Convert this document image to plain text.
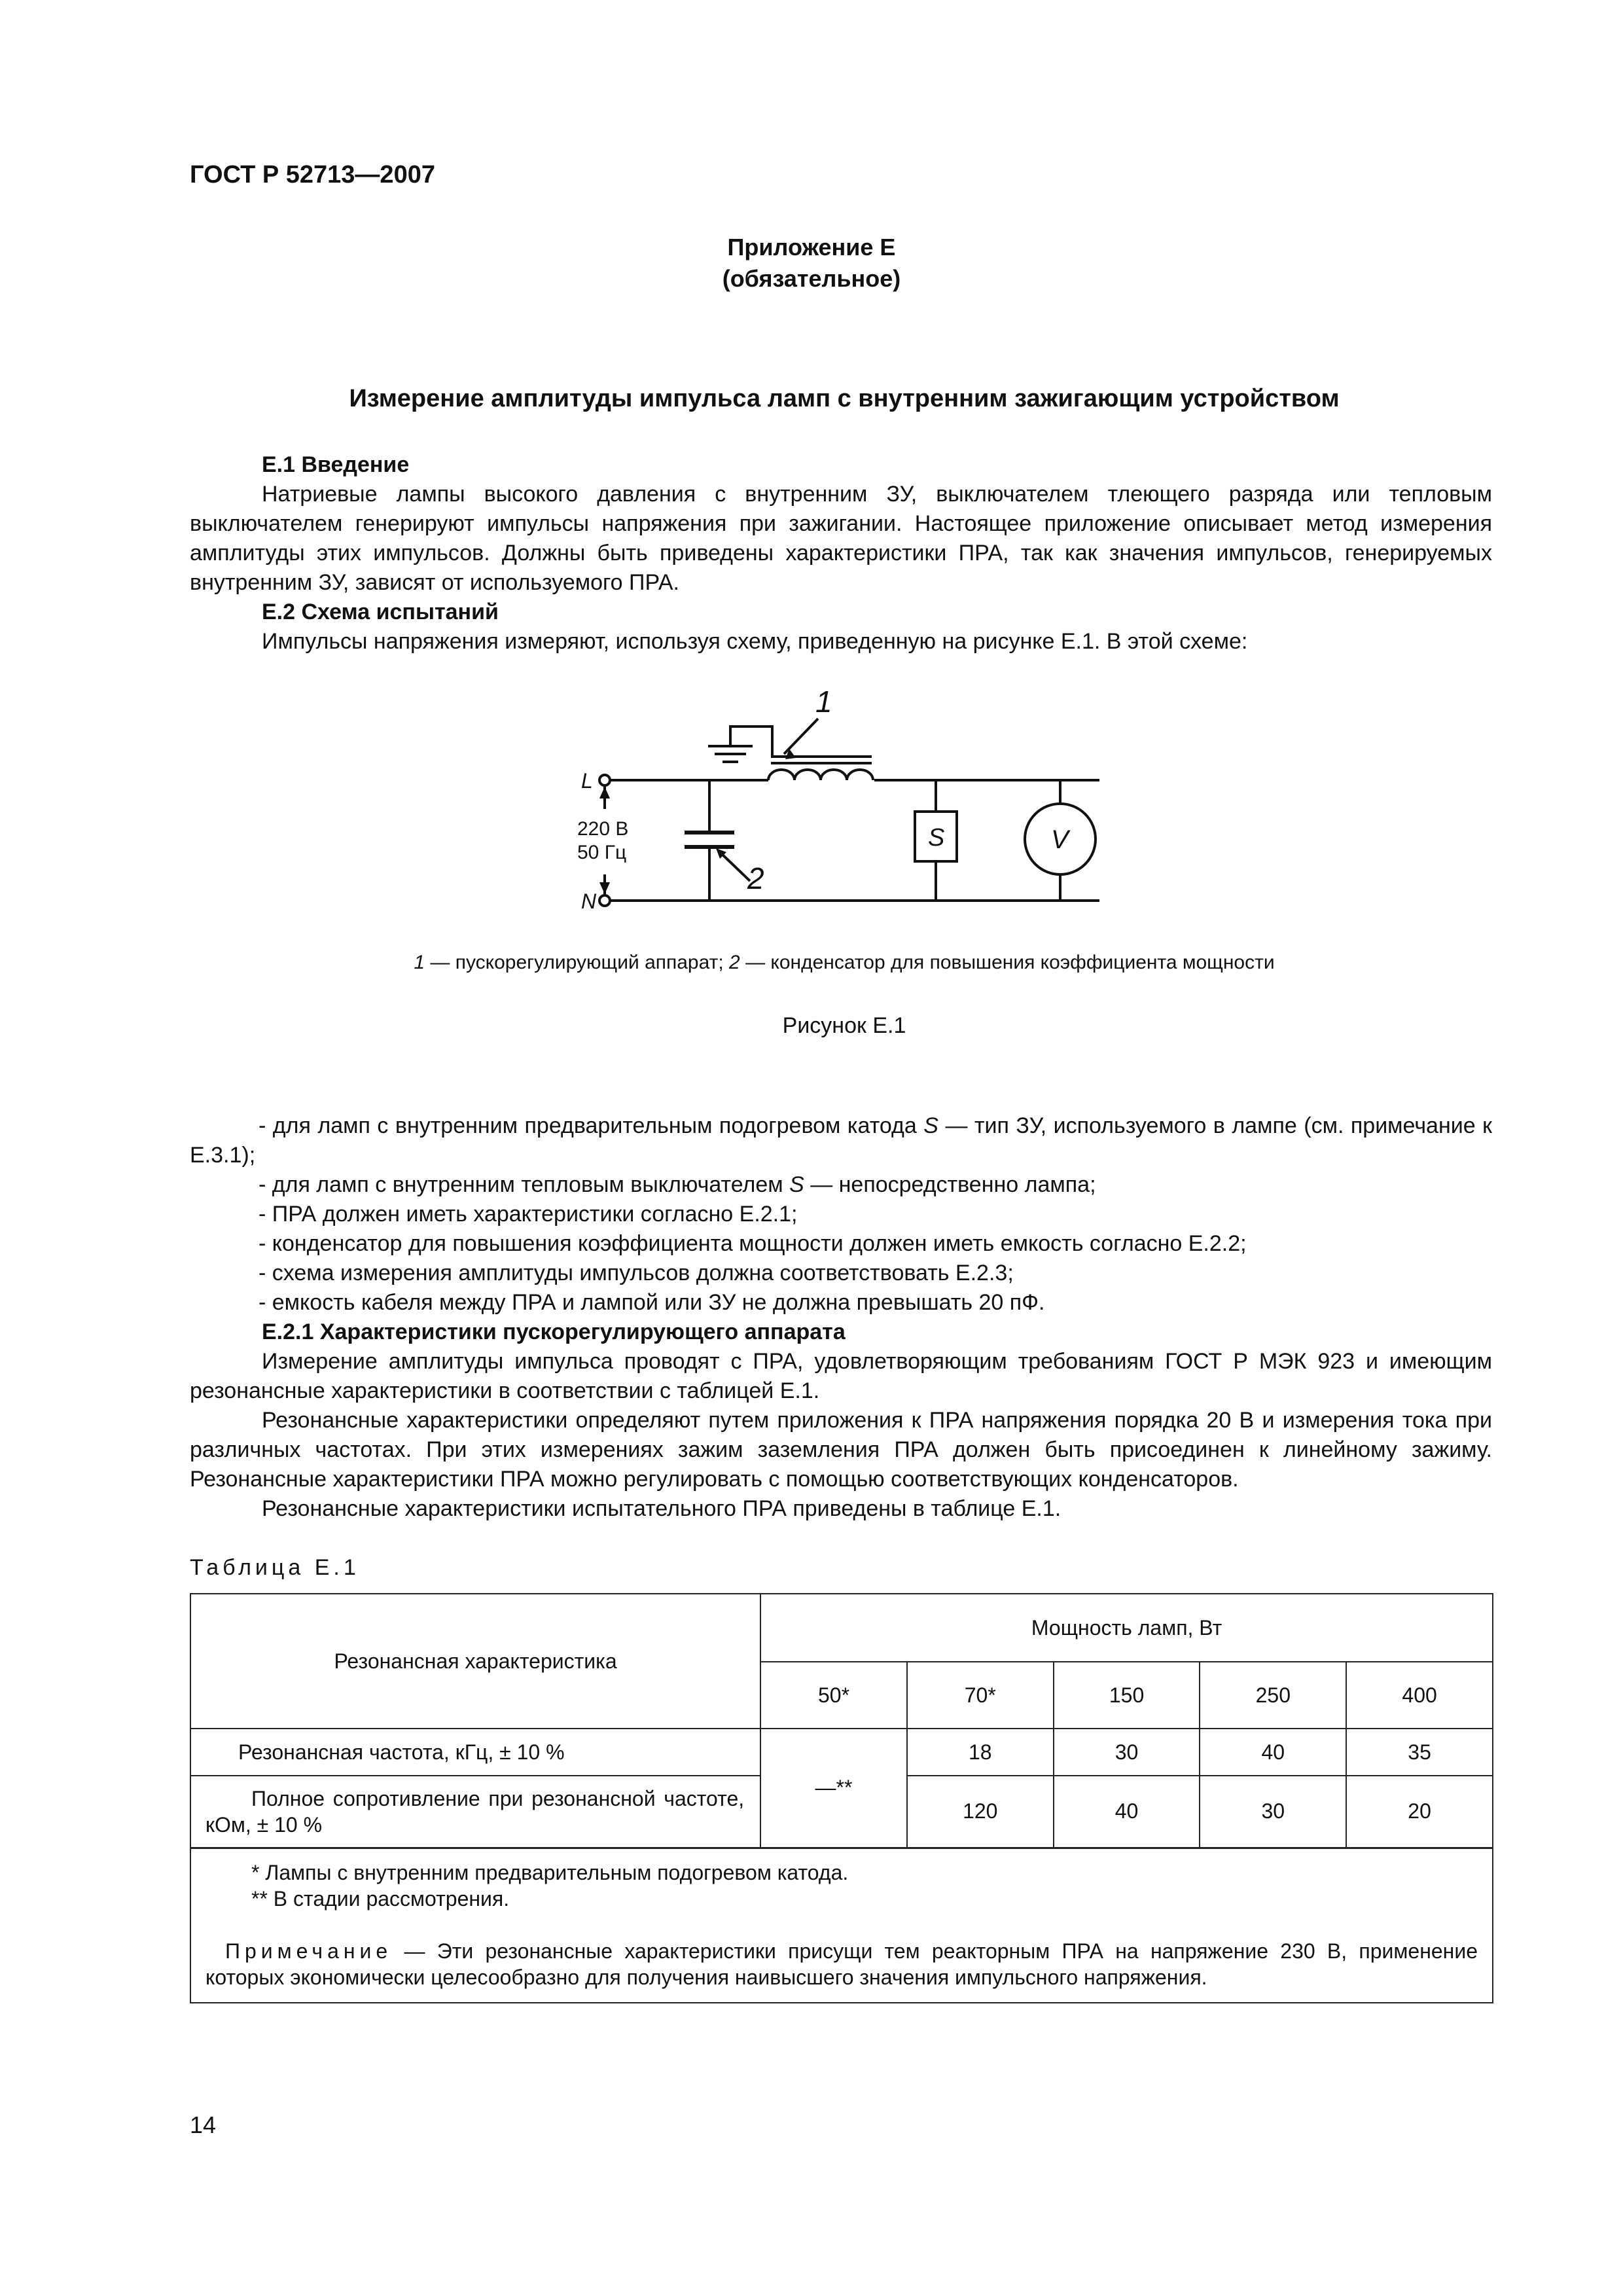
ГОСТ Р 52713—2007
Приложение Е
(обязательное)
Измерение амплитуды импульса ламп с внутренним зажигающим устройством

Е.1 Введение

Натриевые лампы высокого давления с внутренним ЗУ, выключателем тлеющего разряда или тепловым выключателем генерируют импульсы напряжения при зажигании. Настоящее приложение описывает метод измерения амплитуды этих импульсов. Должны быть приведены характеристики ПРА, так как значения импульсов, генерируемых внутренним ЗУ, зависят от используемого ПРА.

Е.2 Схема испытаний

Импульсы напряжения измеряют, используя схему, приведенную на рисунке Е.1. В этой схеме:

1
2
L
N
220 В
50 Гц
S	V
1 — пускорегулирующий аппарат; 2 — конденсатор для повышения коэффициента мощности
Рисунок Е.1

- для ламп с внутренним предварительным подогревом катода S — тип ЗУ, используемого в лампе (см. примечание к Е.3.1);

- для ламп с внутренним тепловым выключателем S — непосредственно лампа;

- ПРА должен иметь характеристики согласно Е.2.1;

- конденсатор для повышения коэффициента мощности должен иметь емкость согласно Е.2.2;

- схема измерения амплитуды импульсов должна соответствовать Е.2.3;

- емкость кабеля между ПРА и лампой или ЗУ не должна превышать 20 пФ.

Е.2.1 Характеристики пускорегулирующего аппарата

Измерение амплитуды импульса проводят с ПРА, удовлетворяющим требованиям ГОСТ Р МЭК 923 и имеющим резонансные характеристики в соответствии с таблицей Е.1.

Резонансные характеристики определяют путем приложения к ПРА напряжения порядка 20 В и измерения тока при различных частотах. При этих измерениях зажим заземления ПРА должен быть присоединен к линейному зажиму. Резонансные характеристики ПРА можно регулировать с помощью соответствующих конденсаторов.

Резонансные характеристики испытательного ПРА приведены в таблице Е.1.

Таблица Е.1
Резонансная характеристика	Мощность ламп, Вт				
	50*	70*	150	250	400
Резонансная частота, кГц, ± 10 %	—**	18	30	40	35

Полное сопротивление при резонансной частоте, кОм, ± 10 %		120	40	30	20

* Лампы с внутренним предварительным подогревом катода.
** В стадии рассмотрения.
Примечание — Эти резонансные характеристики присущи тем реакторным ПРА на напряжение 230 В, применение которых экономически целесообразно для получения наивысшего значения импульсного напряжения.					
14
